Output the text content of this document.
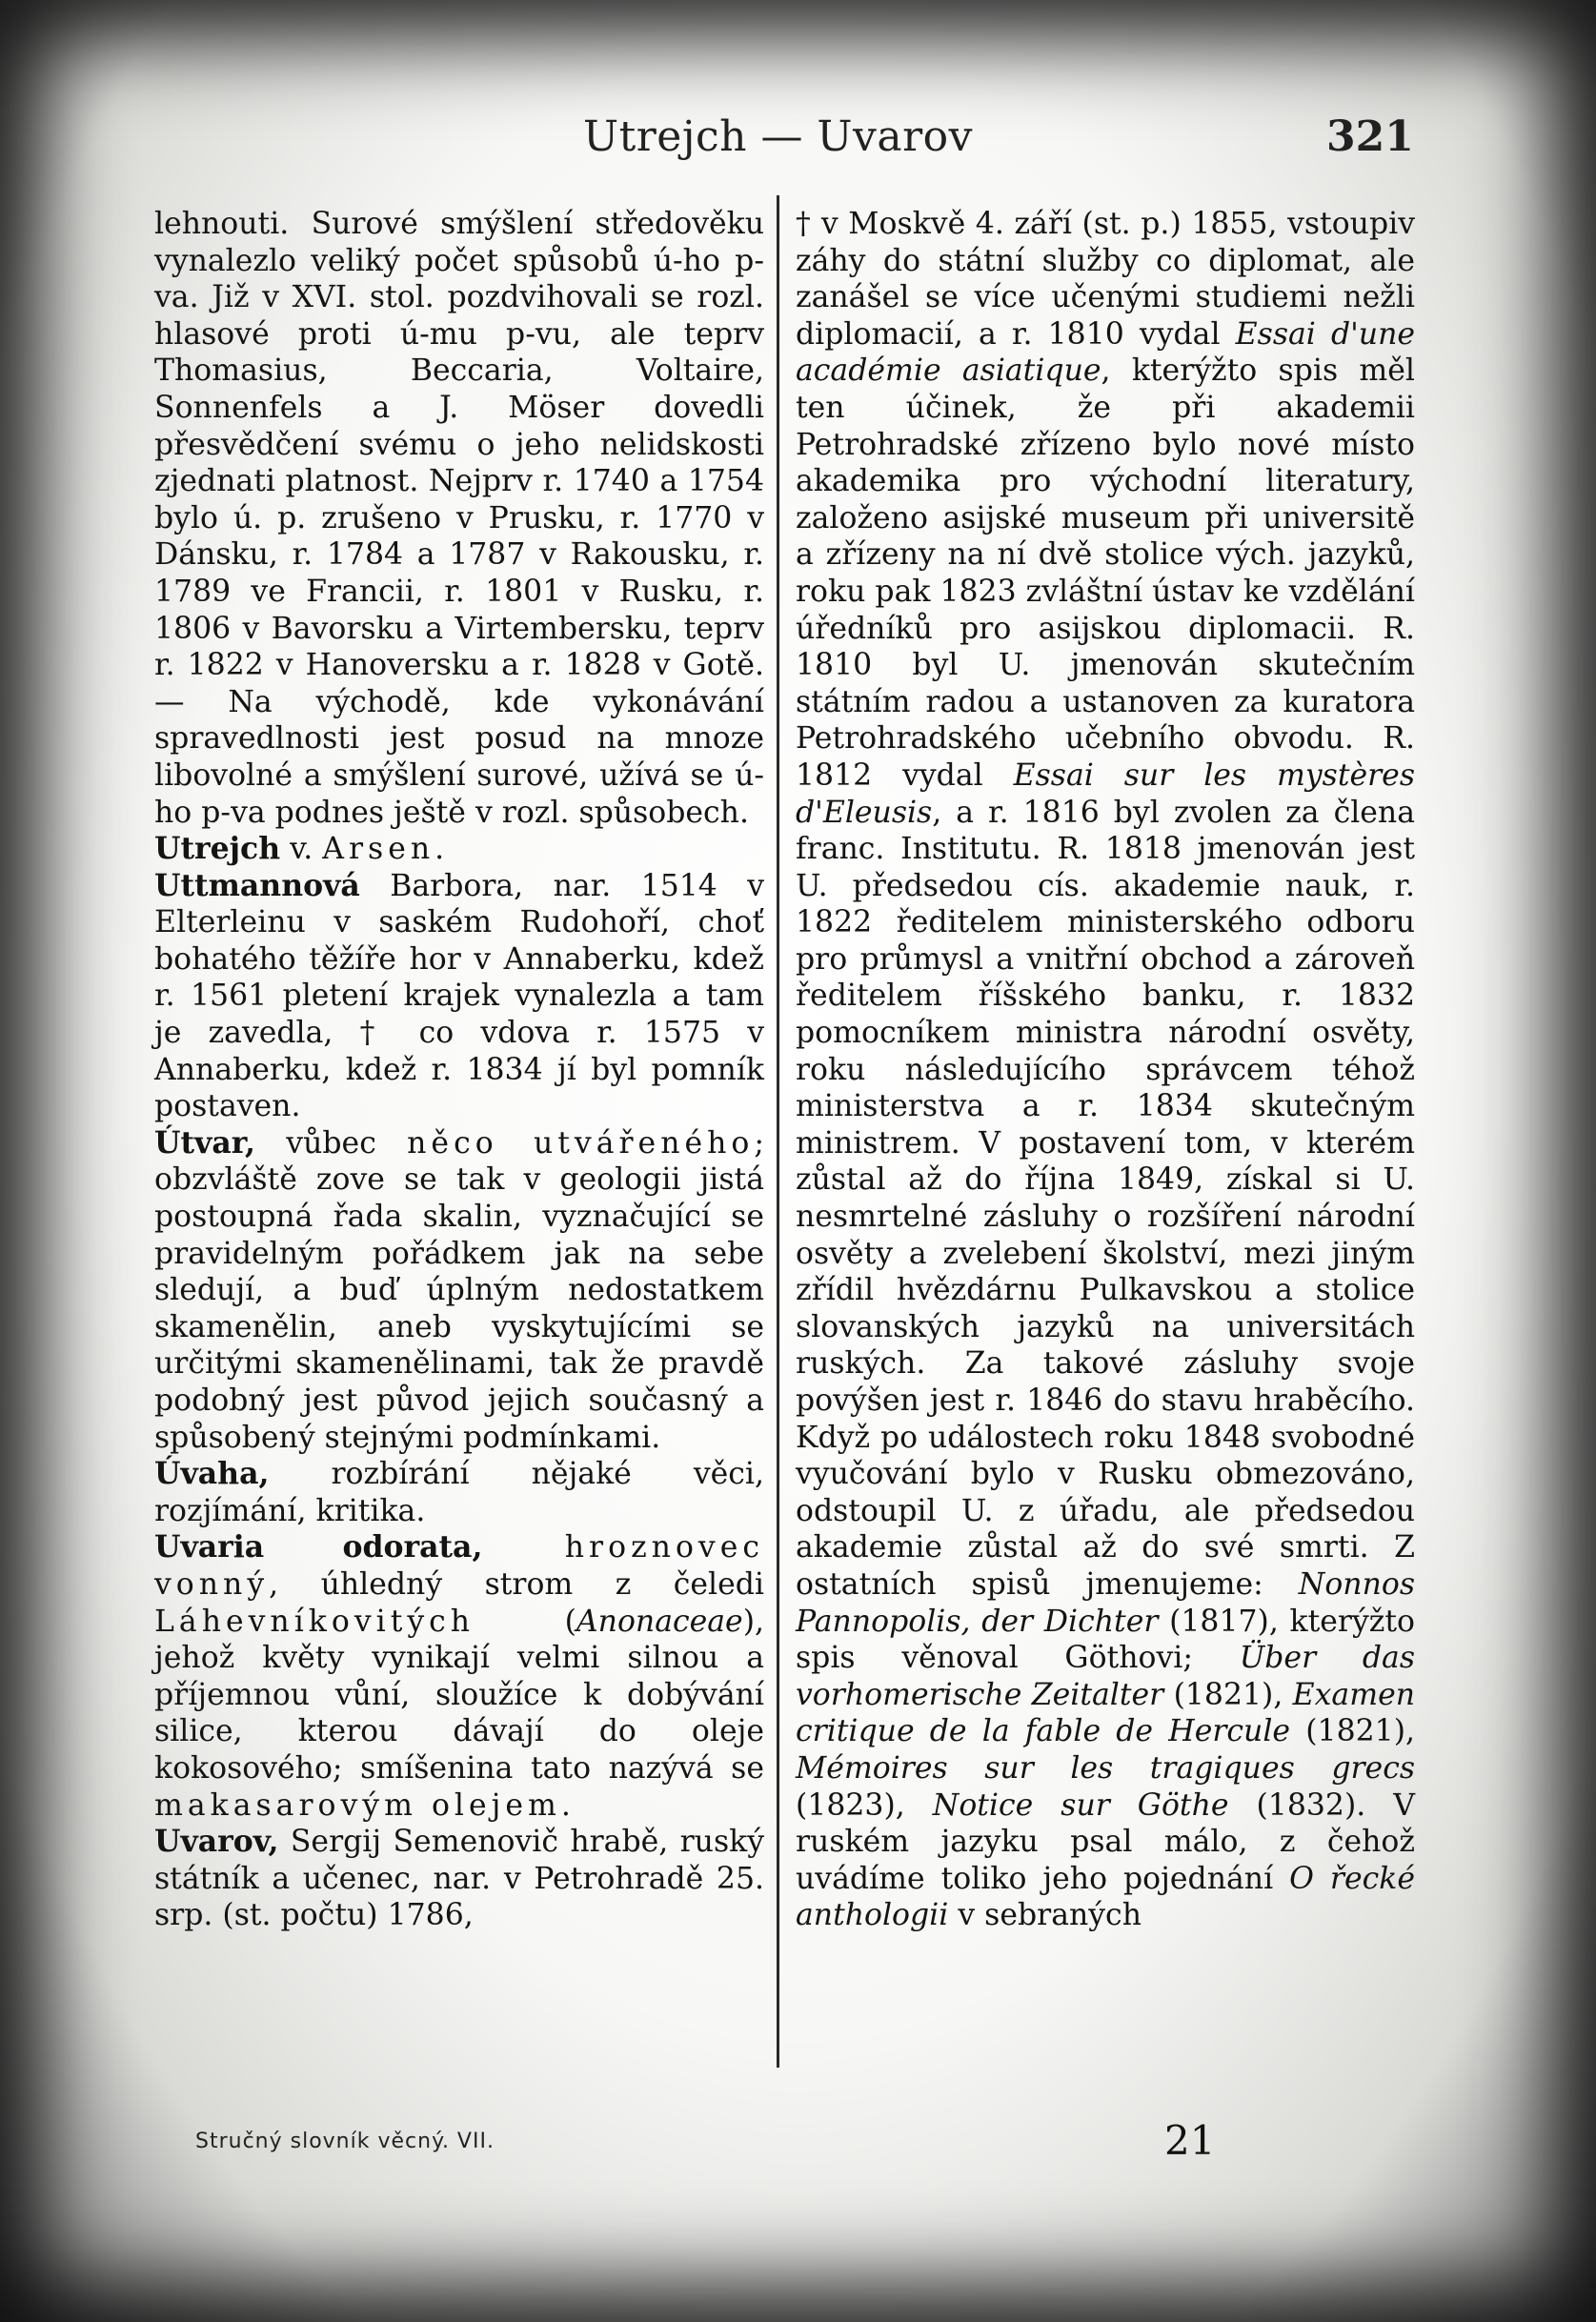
Utrejch — Uvarov	321

lehnouti. Surové smýšlení středověku vynalezlo veliký počet spůsobů ú-ho p-va. Již v XVI. stol. pozdvihovali se rozl. hlasové proti ú-mu p-vu, ale teprv Thomasius, Beccaria, Voltaire, Sonnenfels a J. Möser dovedli přesvědčení svému o jeho nelidskosti zjednati platnost. Nejprv r. 1740 a 1754 bylo ú. p. zrušeno v Prusku, r. 1770 v Dánsku, r. 1784 a 1787 v Rakousku, r. 1789 ve Francii, r. 1801 v Rusku, r. 1806 v Bavorsku a Virtembersku, teprv r. 1822 v Hanoversku a r. 1828 v Gotě. — Na východě, kde vykonávání spravedlnosti jest posud na mnoze libovolné a smýšlení surové, užívá se ú-ho p-va podnes ještě v rozl. spůsobech.

Utrejch v. Arsen.

Uttmannová Barbora, nar. 1514 v Elterleinu v saském Rudohoří, choť bohatého těžíře hor v Annaberku, kdež r. 1561 pletení krajek vynalezla a tam je zavedla, † co vdova r. 1575 v Annaberku, kdež r. 1834 jí byl pomník postaven.

Útvar, vůbec něco utvářeného; obzvláště zove se tak v geologii jistá postoupná řada skalin, vyznačující se pravidelným pořádkem jak na sebe sledují, a buď úplným nedostatkem skamenělin, aneb vyskytujícími se určitými skamenělinami, tak že pravdě podobný jest původ jejich současný a spůsobený stejnými podmínkami.

Úvaha, rozbírání nějaké věci, rozjímání, kritika.

Uvaria odorata, hroznovec vonný, úhledný strom z čeledi Láhevníkovitých (Anonaceae), jehož květy vynikají velmi silnou a příjemnou vůní, sloužíce k dobývání silice, kterou dávají do oleje kokosového; smíšenina tato nazývá se makasarovým olejem.

Uvarov, Sergij Semenovič hrabě, ruský státník a učenec, nar. v Petrohradě 25. srp. (st. počtu) 1786,

† v Moskvě 4. září (st. p.) 1855, vstoupiv záhy do státní služby co diplomat, ale zanášel se více učenými studiemi nežli diplomacií, a r. 1810 vydal Essai d'une académie asiatique, kterýžto spis měl ten účinek, že při akademii Petrohradské zřízeno bylo nové místo akademika pro východní literatury, založeno asijské museum při universitě a zřízeny na ní dvě stolice vých. jazyků, roku pak 1823 zvláštní ústav ke vzdělání úředníků pro asijskou diplomacii. R. 1810 byl U. jmenován skutečním státním radou a ustanoven za kuratora Petrohradského učebního obvodu. R. 1812 vydal Essai sur les mystères d'Eleusis, a r. 1816 byl zvolen za člena franc. Institutu. R. 1818 jmenován jest U. předsedou cís. akademie nauk, r. 1822 ředitelem ministerského odboru pro průmysl a vnitřní obchod a zároveň ředitelem říšského banku, r. 1832 pomocníkem ministra národní osvěty, roku následujícího správcem téhož ministerstva a r. 1834 skutečným ministrem. V postavení tom, v kterém zůstal až do října 1849, získal si U. nesmrtelné zásluhy o rozšíření národní osvěty a zvelebení školství, mezi jiným zřídil hvězdárnu Pulkavskou a stolice slovanských jazyků na universitách ruských. Za takové zásluhy svoje povýšen jest r. 1846 do stavu hraběcího. Když po událostech roku 1848 svobodné vyučování bylo v Rusku obmezováno, odstoupil U. z úřadu, ale předsedou akademie zůstal až do své smrti. Z ostatních spisů jmenujeme: Nonnos Pannopolis, der Dichter (1817), kterýžto spis věnoval Göthovi; Über das vorhomerische Zeitalter (1821), Examen critique de la fable de Hercule (1821), Mémoires sur les tragiques grecs (1823), Notice sur Göthe (1832). V ruském jazyku psal málo, z čehož uvádíme toliko jeho pojednání O řecké anthologii v sebraných

Stručný slovník věcný. VII.	21
